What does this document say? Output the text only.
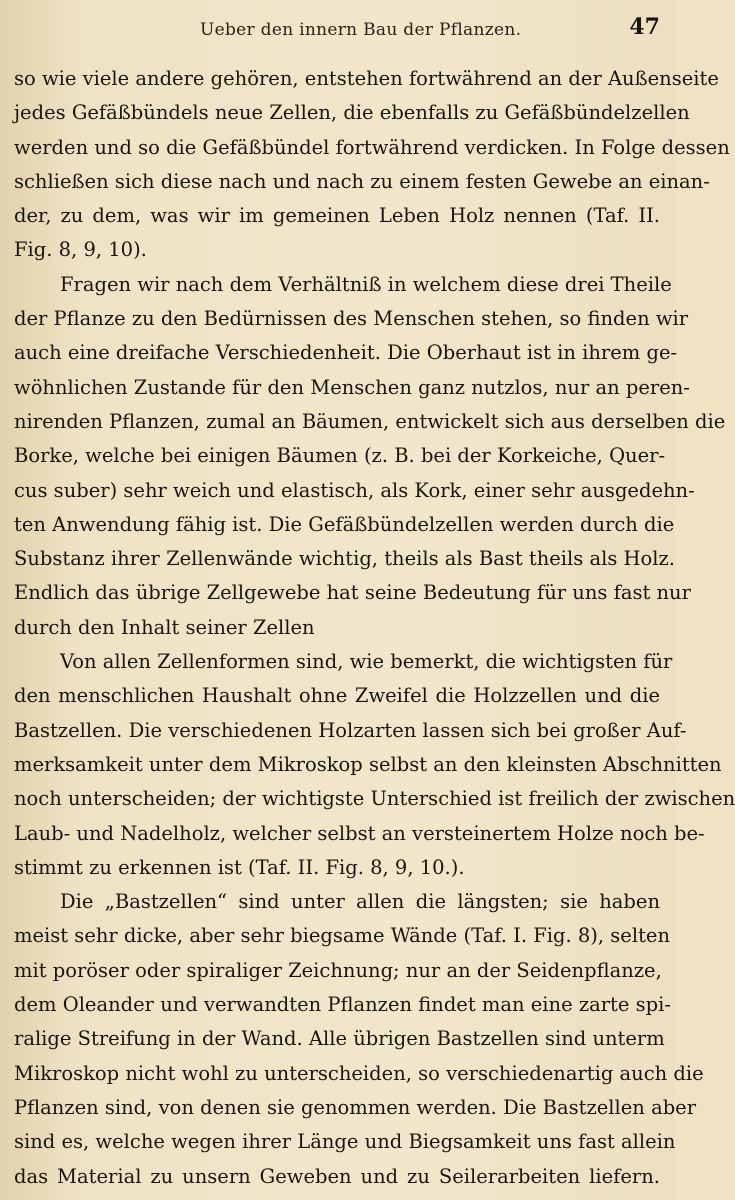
Ueber den innern Bau der Pflanzen.	47
so wie viele andere gehören, entstehen fortwährend an der Außenseite
jedes Gefäßbündels neue Zellen, die ebenfalls zu Gefäßbündelzellen
werden und so die Gefäßbündel fortwährend verdicken. In Folge dessen
schließen sich diese nach und nach zu einem festen Gewebe an einan-
der, zu dem, was wir im gemeinen Leben Holz nennen (Taf. II.
Fig. 8, 9, 10).
Fragen wir nach dem Verhältniß in welchem diese drei Theile
der Pflanze zu den Bedürnissen des Menschen stehen, so finden wir
auch eine dreifache Verschiedenheit. Die Oberhaut ist in ihrem ge-
wöhnlichen Zustande für den Menschen ganz nutzlos, nur an peren-
nirenden Pflanzen, zumal an Bäumen, entwickelt sich aus derselben die
Borke, welche bei einigen Bäumen (z. B. bei der Korkeiche, Quer-
cus suber) sehr weich und elastisch, als Kork, einer sehr ausgedehn-
ten Anwendung fähig ist. Die Gefäßbündelzellen werden durch die
Substanz ihrer Zellenwände wichtig, theils als Bast theils als Holz.
Endlich das übrige Zellgewebe hat seine Bedeutung für uns fast nur
durch den Inhalt seiner Zellen
Von allen Zellenformen sind, wie bemerkt, die wichtigsten für
den menschlichen Haushalt ohne Zweifel die Holzzellen und die
Bastzellen. Die verschiedenen Holzarten lassen sich bei großer Auf-
merksamkeit unter dem Mikroskop selbst an den kleinsten Abschnitten
noch unterscheiden; der wichtigste Unterschied ist freilich der zwischen
Laub- und Nadelholz, welcher selbst an versteinertem Holze noch be-
stimmt zu erkennen ist (Taf. II. Fig. 8, 9, 10.).
Die „Bastzellen“ sind unter allen die längsten; sie haben
meist sehr dicke, aber sehr biegsame Wände (Taf. I. Fig. 8), selten
mit poröser oder spiraliger Zeichnung; nur an der Seidenpflanze,
dem Oleander und verwandten Pflanzen findet man eine zarte spi-
ralige Streifung in der Wand. Alle übrigen Bastzellen sind unterm
Mikroskop nicht wohl zu unterscheiden, so verschiedenartig auch die
Pflanzen sind, von denen sie genommen werden. Die Bastzellen aber
sind es, welche wegen ihrer Länge und Biegsamkeit uns fast allein
das Material zu unsern Geweben und zu Seilerarbeiten liefern.
